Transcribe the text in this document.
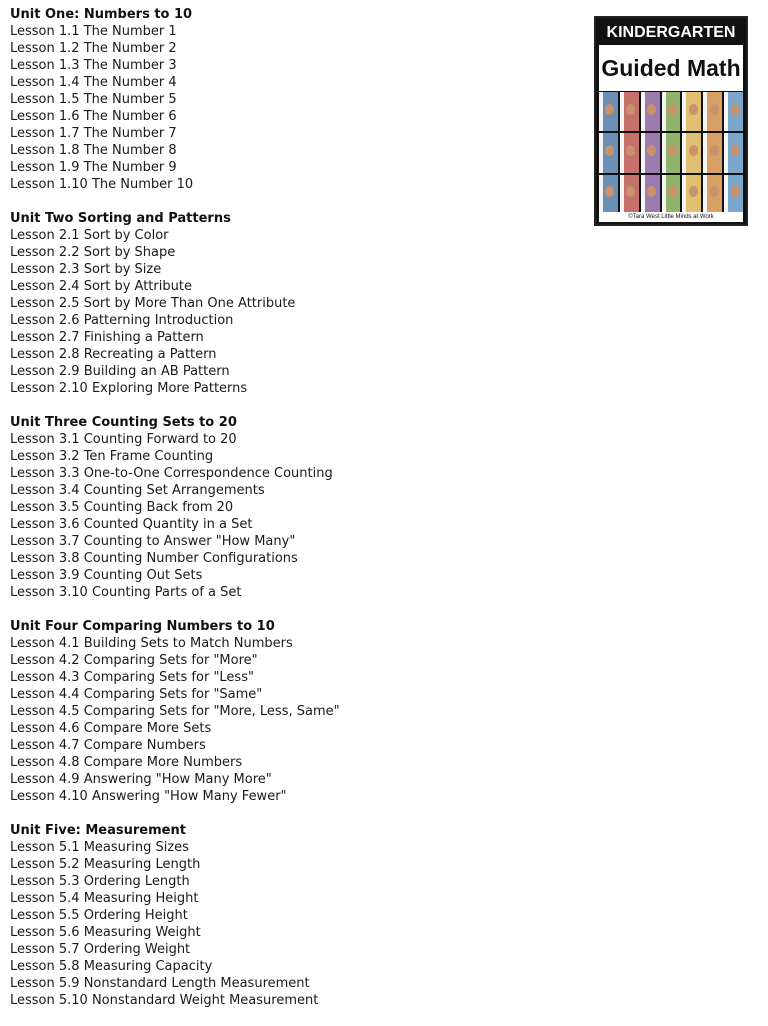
Unit One: Numbers to 10
Lesson 1.1 The Number 1
Lesson 1.2 The Number 2
Lesson 1.3 The Number 3
Lesson 1.4 The Number 4
Lesson 1.5 The Number 5
Lesson 1.6 The Number 6
Lesson 1.7 The Number 7
Lesson 1.8 The Number 8
Lesson 1.9 The Number 9
Lesson 1.10 The Number 10
Unit Two Sorting and Patterns
Lesson 2.1 Sort by Color
Lesson 2.2 Sort by Shape
Lesson 2.3 Sort by Size
Lesson 2.4 Sort by Attribute
Lesson 2.5 Sort by More Than One Attribute
Lesson 2.6 Patterning Introduction
Lesson 2.7 Finishing a Pattern
Lesson 2.8 Recreating a Pattern
Lesson 2.9 Building an AB Pattern
Lesson 2.10 Exploring More Patterns
Unit Three Counting Sets to 20
Lesson 3.1 Counting Forward to 20
Lesson 3.2 Ten Frame Counting
Lesson 3.3 One-to-One Correspondence Counting
Lesson 3.4 Counting Set Arrangements
Lesson 3.5 Counting Back from 20
Lesson 3.6 Counted Quantity in a Set
Lesson 3.7 Counting to Answer "How Many"
Lesson 3.8 Counting Number Configurations
Lesson 3.9 Counting Out Sets
Lesson 3.10 Counting Parts of a Set
Unit Four Comparing Numbers to 10
Lesson 4.1 Building Sets to Match Numbers
Lesson 4.2 Comparing Sets for "More"
Lesson 4.3 Comparing Sets for "Less"
Lesson 4.4 Comparing Sets for "Same"
Lesson 4.5 Comparing Sets for "More, Less, Same"
Lesson 4.6 Compare More Sets
Lesson 4.7 Compare Numbers
Lesson 4.8 Compare More Numbers
Lesson 4.9 Answering "How Many More"
Lesson 4.10 Answering "How Many Fewer"
Unit Five: Measurement
Lesson 5.1 Measuring Sizes
Lesson 5.2 Measuring Length
Lesson 5.3 Ordering Length
Lesson 5.4 Measuring Height
Lesson 5.5 Ordering Height
Lesson 5.6 Measuring Weight
Lesson 5.7 Ordering Weight
Lesson 5.8 Measuring Capacity
Lesson 5.9 Nonstandard Length Measurement
Lesson 5.10 Nonstandard Weight Measurement
KINDERGARTEN
Guided Math
©Tara West Little Minds at Work
